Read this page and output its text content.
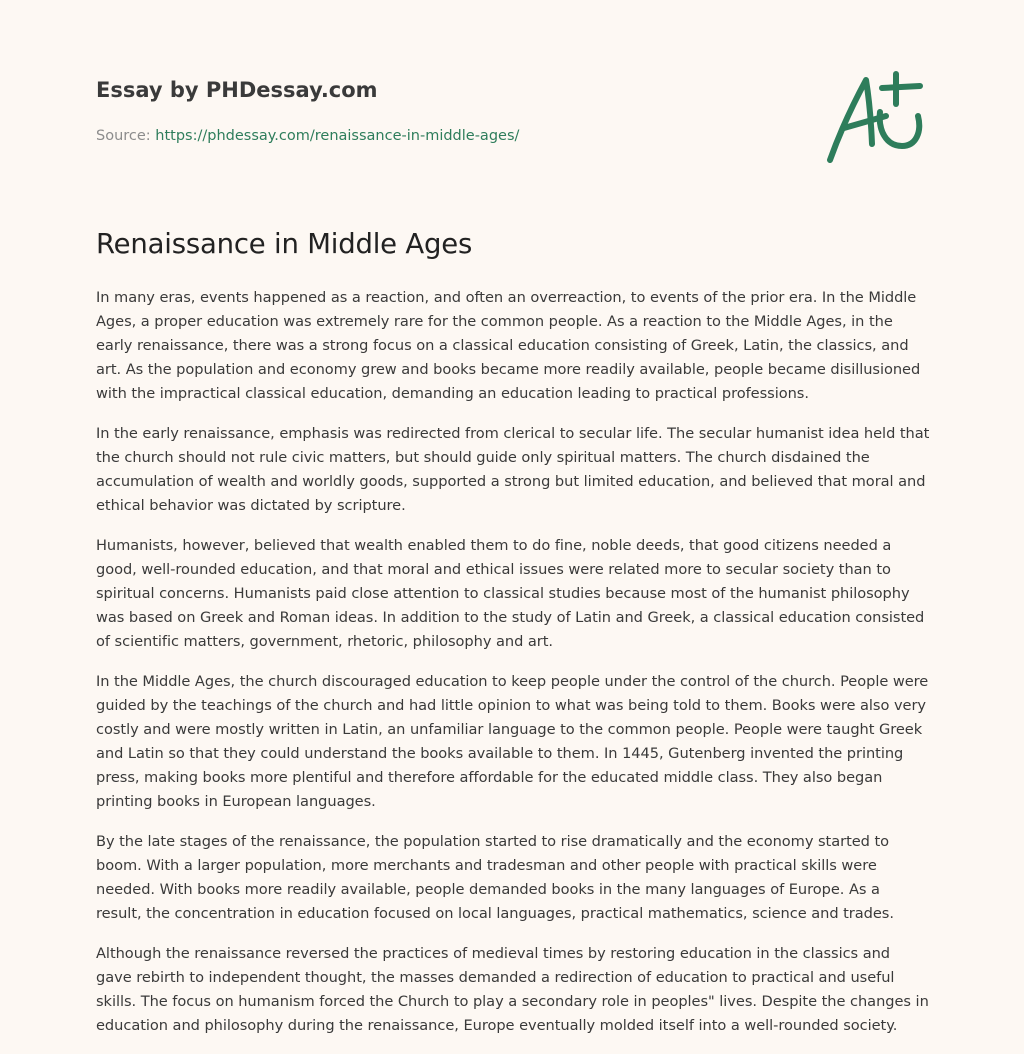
Essay by PHDessay.com
Source: https://phdessay.com/renaissance-in-middle-ages/
Renaissance in Middle Ages

In many eras, events happened as a reaction, and often an overreaction, to events of the prior era. In the Middle Ages, a proper education was extremely rare for the common people. As a reaction to the Middle Ages, in the early renaissance, there was a strong focus on a classical education consisting of Greek, Latin, the classics, and art. As the population and economy grew and books became more readily available, people became disillusioned with the impractical classical education, demanding an education leading to practical professions.

In the early renaissance, emphasis was redirected from clerical to secular life. The secular humanist idea held that the church should not rule civic matters, but should guide only spiritual matters. The church disdained the accumulation of wealth and worldly goods, supported a strong but limited education, and believed that moral and ethical behavior was dictated by scripture.

Humanists, however, believed that wealth enabled them to do fine, noble deeds, that good citizens needed a good, well-rounded education, and that moral and ethical issues were related more to secular society than to spiritual concerns. Humanists paid close attention to classical studies because most of the humanist philosophy was based on Greek and Roman ideas. In addition to the study of Latin and Greek, a classical education consisted of scientific matters, government, rhetoric, philosophy and art.

In the Middle Ages, the church discouraged education to keep people under the control of the church. People were guided by the teachings of the church and had little opinion to what was being told to them. Books were also very costly and were mostly written in Latin, an unfamiliar language to the common people. People were taught Greek and Latin so that they could understand the books available to them. In 1445, Gutenberg invented the printing press, making books more plentiful and therefore affordable for the educated middle class. They also began printing books in European languages.

By the late stages of the renaissance, the population started to rise dramatically and the economy started to boom. With a larger population, more merchants and tradesman and other people with practical skills were needed. With books more readily available, people demanded books in the many languages of Europe. As a result, the concentration in education focused on local languages, practical mathematics, science and trades.

Although the renaissance reversed the practices of medieval times by restoring education in the classics and gave rebirth to independent thought, the masses demanded a redirection of education to practical and useful skills. The focus on humanism forced the Church to play a secondary role in peoples" lives. Despite the changes in education and philosophy during the renaissance, Europe eventually molded itself into a well-rounded society.
